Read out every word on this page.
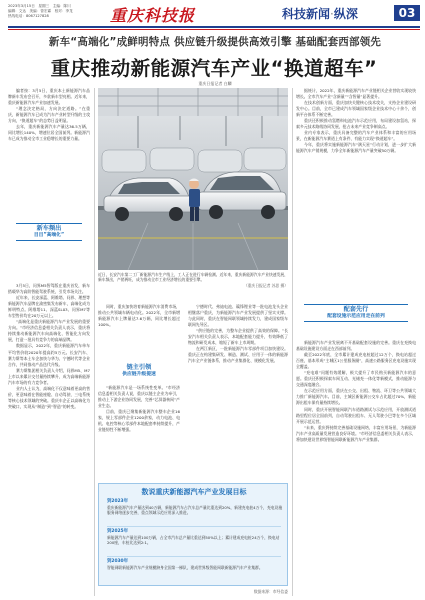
2023年3月15日　星期三　主编：陈川　编辑：文达　美编：曾宏霖　校对：李龙
热线电话：8067127828	重庆科技报	科技新闻·纵深	03
新车“高端化”成鲜明特点 供应链升级提供高效引擎 基础配套西部领先
重庆推动新能源汽车产业“换道超车”
重庆日报记者 白麟

编者按：3月5日，重庆本土新能源汽车品牌新车发布会召开，多款新车型亮相。近年来，重庆新能源汽车产业加速发展。

“理念決定格局，方向決定道路。”在重庆，新能源汽车已成为汽车产业转型升级的主攻方向，“换道超车”的态势日益明显。

去年，重庆新能源汽车产量达36.5万辆，同比增长140%，增速位居全国前列。新能源汽车已成为推动全市工业稳增长的重要力量。

新车频出
目目”高端化”

3月5日，问界M5智驾版在重庆首发，新车搭载华为高阶智能驾驶系统，引发市场关注。

近年来，长安深蓝、阿维塔、问界、理想等新能源汽车品牌在渝密集发布新车，高端化成为鲜明特点。阿维塔11、深蓝SL03、问界M7等车型售价均在20万元以上。

“高端化是重庆新能源汽车产业发展的重要方向。”市经济信息委相关负责人表示，重庆将持续推动新能源汽车向高端化、智能化方向发展，打造一批具有竞争力的高端品牌。

数据显示，2022年，重庆新能源汽车单车平均售价较2020年提高约5万元。长安汽车、赛力斯等本土车企加快与华为、宁德时代等企业合作，共同推动产品迭代升级。

赛力斯集团相关负责人介绍，问界M5、M7上市以来累计交付量持续攀升，成为高端新能源汽车市场的有力竞争者。

业内人士认为，高端化不仅意味着更高的售价，更意味着在智能座舱、自动驾驶、三电系统等核心技术领域的突破。重庆车企正以高端化为突破口，实现从“制造”到“智造”的转变。

近日，长安汽车第二工厂新能源汽车生产线上，工人正在进行车辆检测。近年来，重庆新能源汽车产业快速发展，新车频出，产销两旺，成为推动全市工业经济增长的重要引擎。
（重庆日报记者 苏思 摄）

同时，重庆加快培育新能源汽车消费市场，推动公共领域车辆电动化。2022年，全市新增新能源汽车上牌量达7.6万辆，同比增长超过100%。

链主引领
供应链升级提速

“新能源汽车是一场系统性变革。”市经济信息委相关负责人说，重庆以链主企业为牵引，推动上下游企业协同发展，完善“芯屏器核网”产业生态。

目前，重庆已聚集新能源汽车整车企业16家，规上零部件企业1200余家，动力电池、电机、电控等核心零部件本地配套率持续提升，产业链韧性不断增强。

宁德时代、弗迪电池、赣锋锂业等一批电池龙头企业相继落户重庆，为新能源汽车产业发展提供了坚实支撑。与此同时，重庆在智能网联领域持续发力，建成国家级车联网先导区。

“供应链的完善，为整车企业提供了高效的保障。”长安汽车相关负责人表示，本地配套能力提升，有效降低了物流和研发成本，缩短了新车上市周期。

在两江新区，一批新能源汽车零部件项目加快建设。重庆正在构建集研发、制造、测试、应用于一体的新能源汽车全产业链体系，推动产业集群化、规模化发展。

据统计，2022年，重庆新能源汽车产业链相关企业营收实现较快增长。全市汽车产业“含新量”“含智量”显著提升。

在技术创新方面，重庆加快关键核心技术攻关，支持企业建设研发中心。目前，全市已建成汽车领域国家级企业技术中心十余个，创新平台体系不断完善。

重庆还积极推动氢燃料电池汽车示范应用，布局建设加氢站，探索多元技术路线协同发展，抢占未来产业竞争制高点。

业内专家表示，重庆具备完整的汽车产业体系和丰富的应用场景，在新能源汽车赛道上有条件、有能力实现“换道超车”。

今年，重庆将实施新能源汽车“满天星”行动计划，进一步扩大新能源汽车产销规模，力争全年新能源汽车产量突破50万辆。

配套先行
配套设施示范应用走在前列

新能源汽车产业发展离不开基础配套设施的完善。重庆在充换电基础设施建设方面走在西部前列。

截至2022年底，全市累计建成充电桩超过12万个，换电站超过百座，基本形成“主城区1公里服务圈”，高速公路服务区充电设施实现全覆盖。

“充电难”问题有效缓解，极大提升了市民购买新能源汽车的意愿。重庆还积极探索车网互动、光储充一体化等新模式，推动能源与交通深度融合。

在示范应用方面，重庆在公交、出租、物流、环卫等公共领域大力推广新能源汽车。目前，主城区新能源公交车占比超过70%，新能源出租车保有量持续增长。

同时，重庆开展智能网联汽车道路测试与示范应用，开放测试道路里程位居全国前列，自动驾驶出租车、无人驾驶小巴等在多个区域开展示范运营。

“未来，重庆将持续完善基础设施网络，丰富应用场景，为新能源汽车产业高质量发展营造良好环境。”市经济信息委相关负责人表示，将加快建设世界级智能网联新能源汽车产业集群。

数说重庆新能源汽车产业发展目标
到2023年
重庆新能源汽车产量达到40万辆，新能源汽车占汽车总产量比重达到20%，新建充电桩4万个，充电设施服务网络逐步完善，重点领域示范应用深入推进。
到2025年
新能源汽车产量达到100万辆，占全市汽车总产量比重达到50%以上；累计建成充电桩24万个，换电站200座，车桩比达到2:1。
到2030年
智能网联新能源汽车产业规模跻身全国第一梯队，建成世界级智能网联新能源汽车产业集群。
数据来源：市经信委
